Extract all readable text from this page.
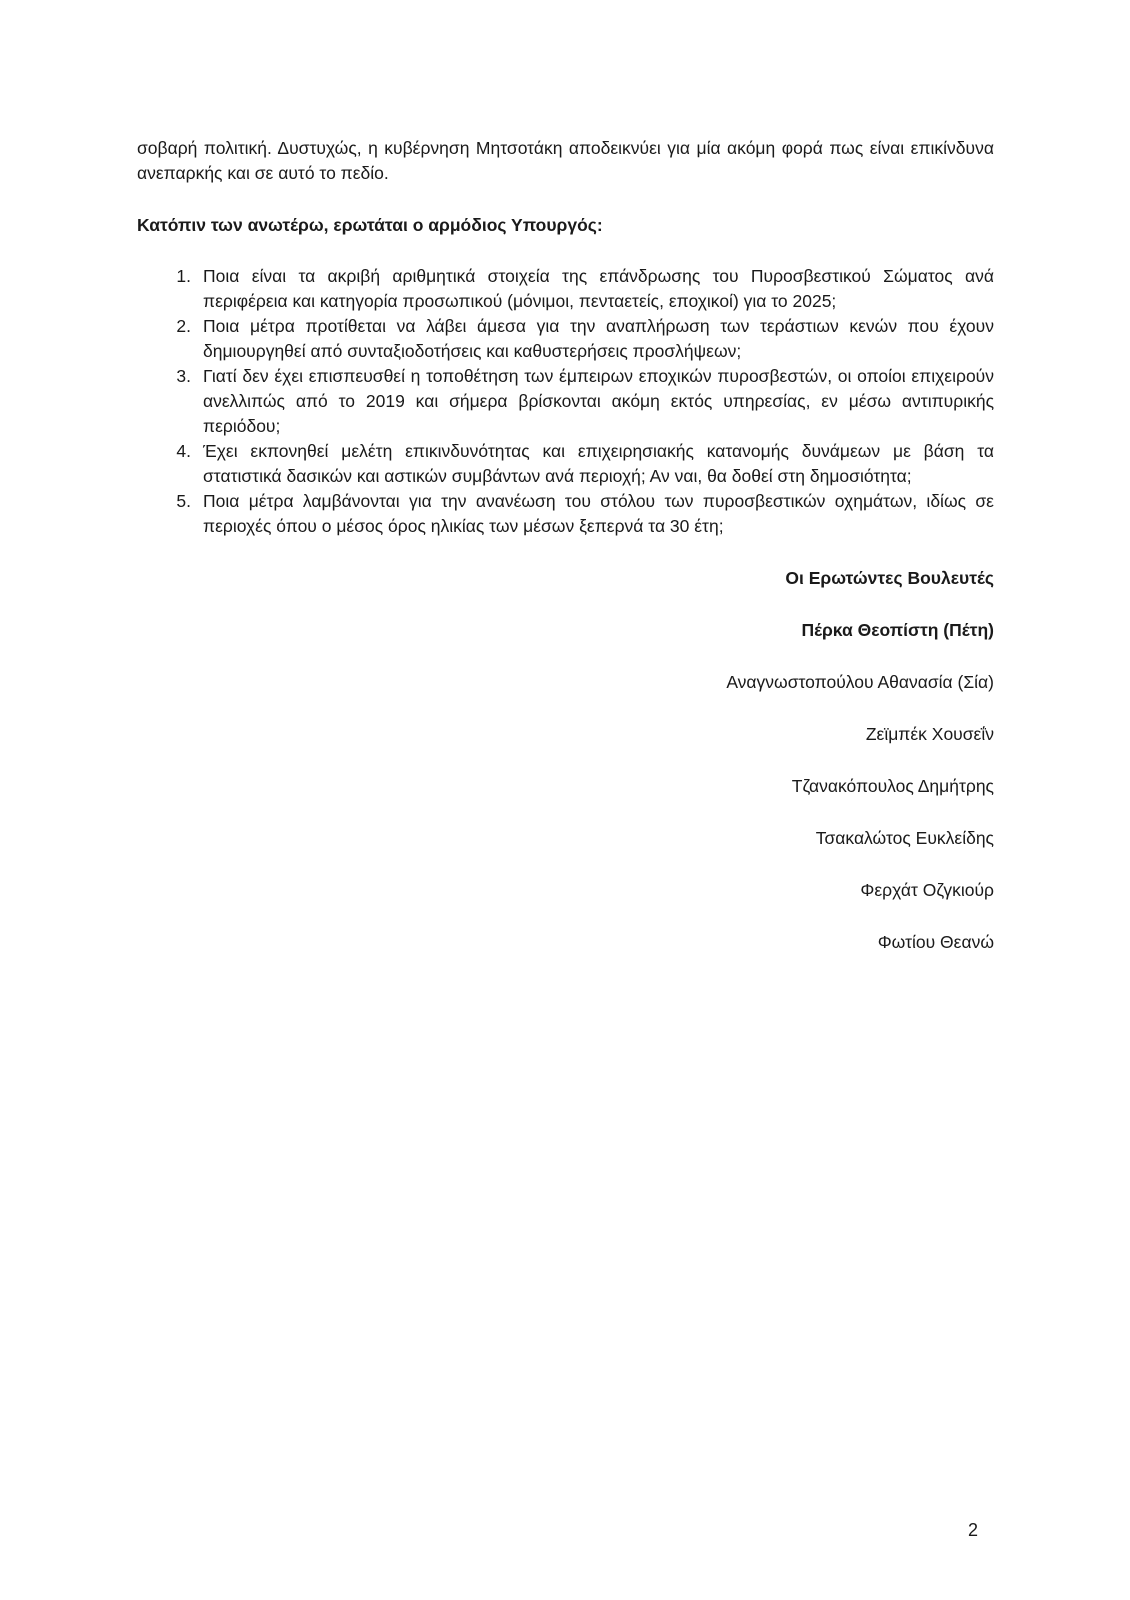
σοβαρή πολιτική. Δυστυχώς, η κυβέρνηση Μητσοτάκη αποδεικνύει για μία ακόμη φορά πως είναι επικίνδυνα ανεπαρκής και σε αυτό το πεδίο.

Κατόπιν των ανωτέρω, ερωτάται ο αρμόδιος Υπουργός:

1. Ποια είναι τα ακριβή αριθμητικά στοιχεία της επάνδρωσης του Πυροσβεστικού Σώματος ανά περιφέρεια και κατηγορία προσωπικού (μόνιμοι, πενταετείς, εποχικοί) για το 2025;
2. Ποια μέτρα προτίθεται να λάβει άμεσα για την αναπλήρωση των τεράστιων κενών που έχουν δημιουργηθεί από συνταξιοδοτήσεις και καθυστερήσεις προσλήψεων;
3. Γιατί δεν έχει επισπευσθεί η τοποθέτηση των έμπειρων εποχικών πυροσβεστών, οι οποίοι επιχειρούν ανελλιπώς από το 2019 και σήμερα βρίσκονται ακόμη εκτός υπηρεσίας, εν μέσω αντιπυρικής περιόδου;
4. Έχει εκπονηθεί μελέτη επικινδυνότητας και επιχειρησιακής κατανομής δυνάμεων με βάση τα στατιστικά δασικών και αστικών συμβάντων ανά περιοχή; Αν ναι, θα δοθεί στη δημοσιότητα;
5. Ποια μέτρα λαμβάνονται για την ανανέωση του στόλου των πυροσβεστικών οχημάτων, ιδίως σε περιοχές όπου ο μέσος όρος ηλικίας των μέσων ξεπερνά τα 30 έτη;

Οι Ερωτώντες Βουλευτές

Πέρκα Θεοπίστη (Πέτη)

Αναγνωστοπούλου Αθανασία (Σία)

Ζεϊμπέκ Χουσεΐν

Τζανακόπουλος Δημήτρης

Τσακαλώτος Ευκλείδης

Φερχάτ Οζγκιούρ

Φωτίου Θεανώ

2
